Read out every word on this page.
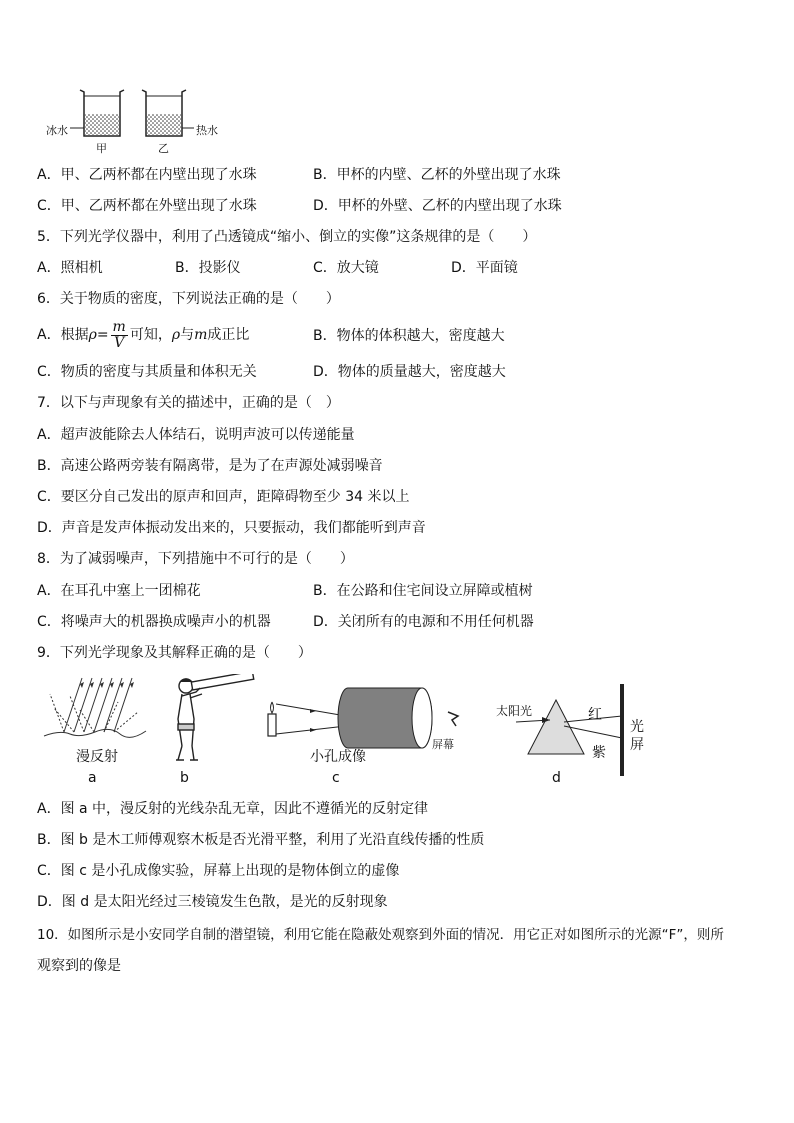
冰水	热水
甲	乙
A．甲、乙两杯都在内壁出现了水珠	B．甲杯的内壁、乙杯的外壁出现了水珠
C．甲、乙两杯都在外壁出现了水珠	D．甲杯的外壁、乙杯的内壁出现了水珠
5．下列光学仪器中，利用了凸透镜成“缩小、倒立的实像”这条规律的是（　　）
A．照相机	B．投影仪	C．放大镜	D．平面镜
6．关于物质的密度，下列说法正确的是（　　）
A．根据$\rho= \frac{m}{V}$ 可知，ρ与m成正比	B．物体的体积越大，密度越大
C．物质的密度与其质量和体积无关	D．物体的质量越大，密度越大
7．以下与声现象有关的描述中，正确的是（　）
A．超声波能除去人体结石，说明声波可以传递能量
B．高速公路两旁装有隔离带，是为了在声源处减弱噪音
C．要区分自己发出的原声和回声，距障碍物至少 34 米以上
D．声音是发声体振动发出来的，只要振动，我们都能听到声音
8．为了减弱噪声，下列措施中不可行的是（　　）
A．在耳孔中塞上一团棉花	B．在公路和住宅间设立屏障或植树
C．将噪声大的机器换成噪声小的机器	D．关闭所有的电源和不用任何机器
9．下列光学现象及其解释正确的是（　　）
漫反射
a	b
小孔成像
屏幕
c
太阳光	红
紫
光
屏
d
A．图 a 中，漫反射的光线杂乱无章，因此不遵循光的反射定律
B．图 b 是木工师傅观察木板是否光滑平整，利用了光沿直线传播的性质
C．图 c 是小孔成像实验，屏幕上出现的是物体倒立的虚像
D．图 d 是太阳光经过三棱镜发生色散，是光的反射现象
10．如图所示是小安同学自制的潜望镜，利用它能在隐蔽处观察到外面的情况．用它正对如图所示的光源“F”，则所
观察到的像是
